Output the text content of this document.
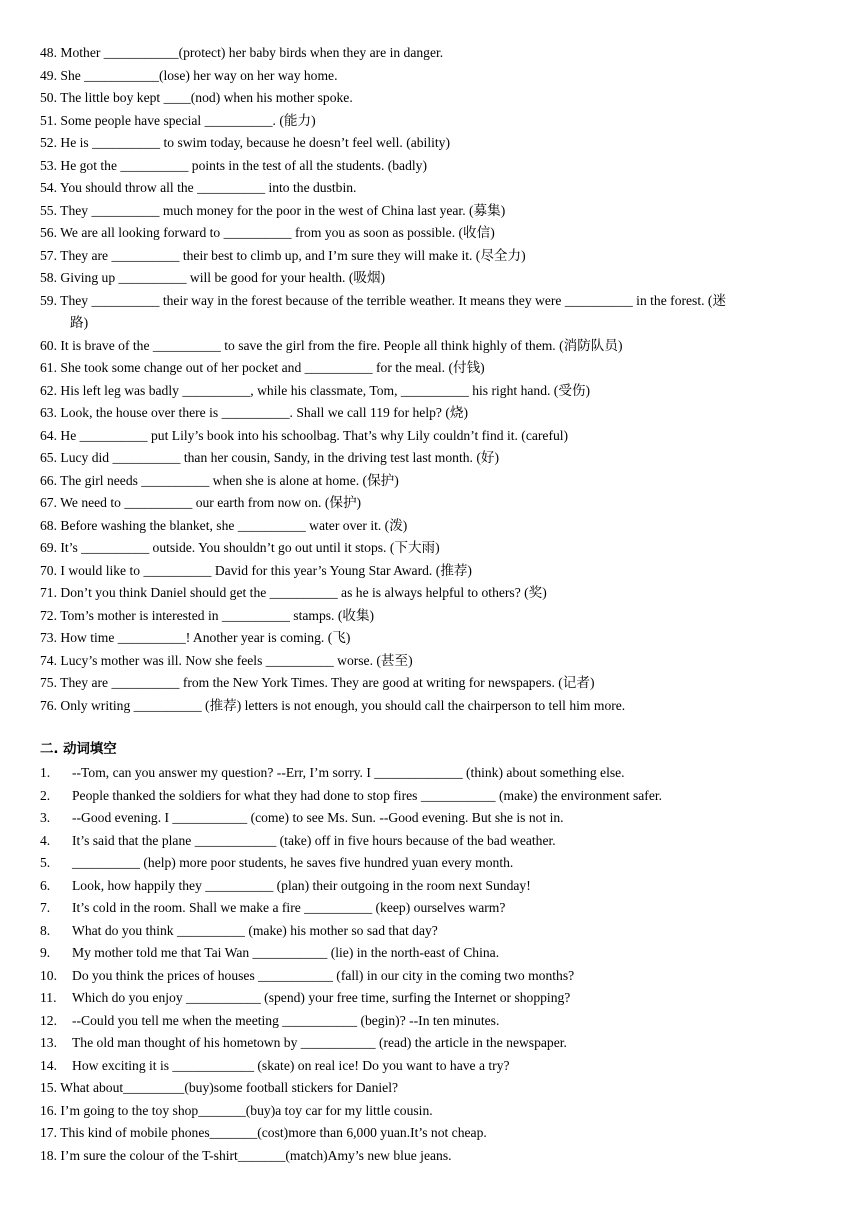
48. Mother ___________(protect) her baby birds when they are in danger.
49. She ___________(lose) her way on her way home.
50. The little boy kept ____(nod) when his mother spoke.
51. Some people have special __________. (能力)
52. He is __________ to swim today, because he doesn’t feel well. (ability)
53. He got the __________ points in the test of all the students. (badly)
54. You should throw all the __________ into the dustbin.
55. They __________ much money for the poor in the west of China last year. (募集)
56. We are all looking forward to __________ from you as soon as possible. (收信)
57. They are __________ their best to climb up, and I’m sure they will make it. (尽全力)
58. Giving up __________ will be good for your health. (吸烟)
59. They __________ their way in the forest because of the terrible weather. It means they were __________ in the forest. (迷
路)
60. It is brave of the __________ to save the girl from the fire. People all think highly of them. (消防队员)
61. She took some change out of her pocket and __________ for the meal. (付钱)
62. His left leg was badly __________, while his classmate, Tom, __________ his right hand. (受伤)
63. Look, the house over there is __________. Shall we call 119 for help? (烧)
64. He __________ put Lily’s book into his schoolbag. That’s why Lily couldn’t find it. (careful)
65. Lucy did __________ than her cousin, Sandy, in the driving test last month. (好)
66. The girl needs __________ when she is alone at home. (保护)
67. We need to __________ our earth from now on. (保护)
68. Before washing the blanket, she __________ water over it. (泼)
69. It’s __________ outside. You shouldn’t go out until it stops. (下大雨)
70. I would like to __________ David for this year’s Young Star Award. (推荐)
71. Don’t you think Daniel should get the __________ as he is always helpful to others? (奖)
72. Tom’s mother is interested in __________ stamps. (收集)
73. How time __________! Another year is coming. (飞)
74. Lucy’s mother was ill. Now she feels __________ worse. (甚至)
75. They are __________ from the New York Times. They are good at writing for newspapers. (记者)
76. Only writing __________ (推荐) letters is not enough, you should call the chairperson to tell him more.
二. 动词填空
1. --Tom, can you answer my question? --Err, I’m sorry. I _____________ (think) about something else.
2. People thanked the soldiers for what they had done to stop fires ___________ (make) the environment safer.
3. --Good evening. I ___________ (come) to see Ms. Sun. --Good evening. But she is not in.
4. It’s said that the plane ____________ (take) off in five hours because of the bad weather.
5. __________ (help) more poor students, he saves five hundred yuan every month.
6. Look, how happily they __________ (plan) their outgoing in the room next Sunday!
7. It’s cold in the room. Shall we make a fire __________ (keep) ourselves warm?
8. What do you think __________ (make) his mother so sad that day?
9. My mother told me that Tai Wan ___________ (lie) in the north-east of China.
10. Do you think the prices of houses ___________ (fall) in our city in the coming two months?
11. Which do you enjoy ___________ (spend) your free time, surfing the Internet or shopping?
12. --Could you tell me when the meeting ___________ (begin)? --In ten minutes.
13. The old man thought of his hometown by ___________ (read) the article in the newspaper.
14. How exciting it is ____________ (skate) on real ice! Do you want to have a try?
15. What about_________(buy)some football stickers for Daniel?
16. I’m going to the toy shop_______(buy)a toy car for my little cousin.
17. This kind of mobile phones_______(cost)more than 6,000 yuan.It’s not cheap.
18. I’m sure the colour of the T-shirt_______(match)Amy’s new blue jeans.
